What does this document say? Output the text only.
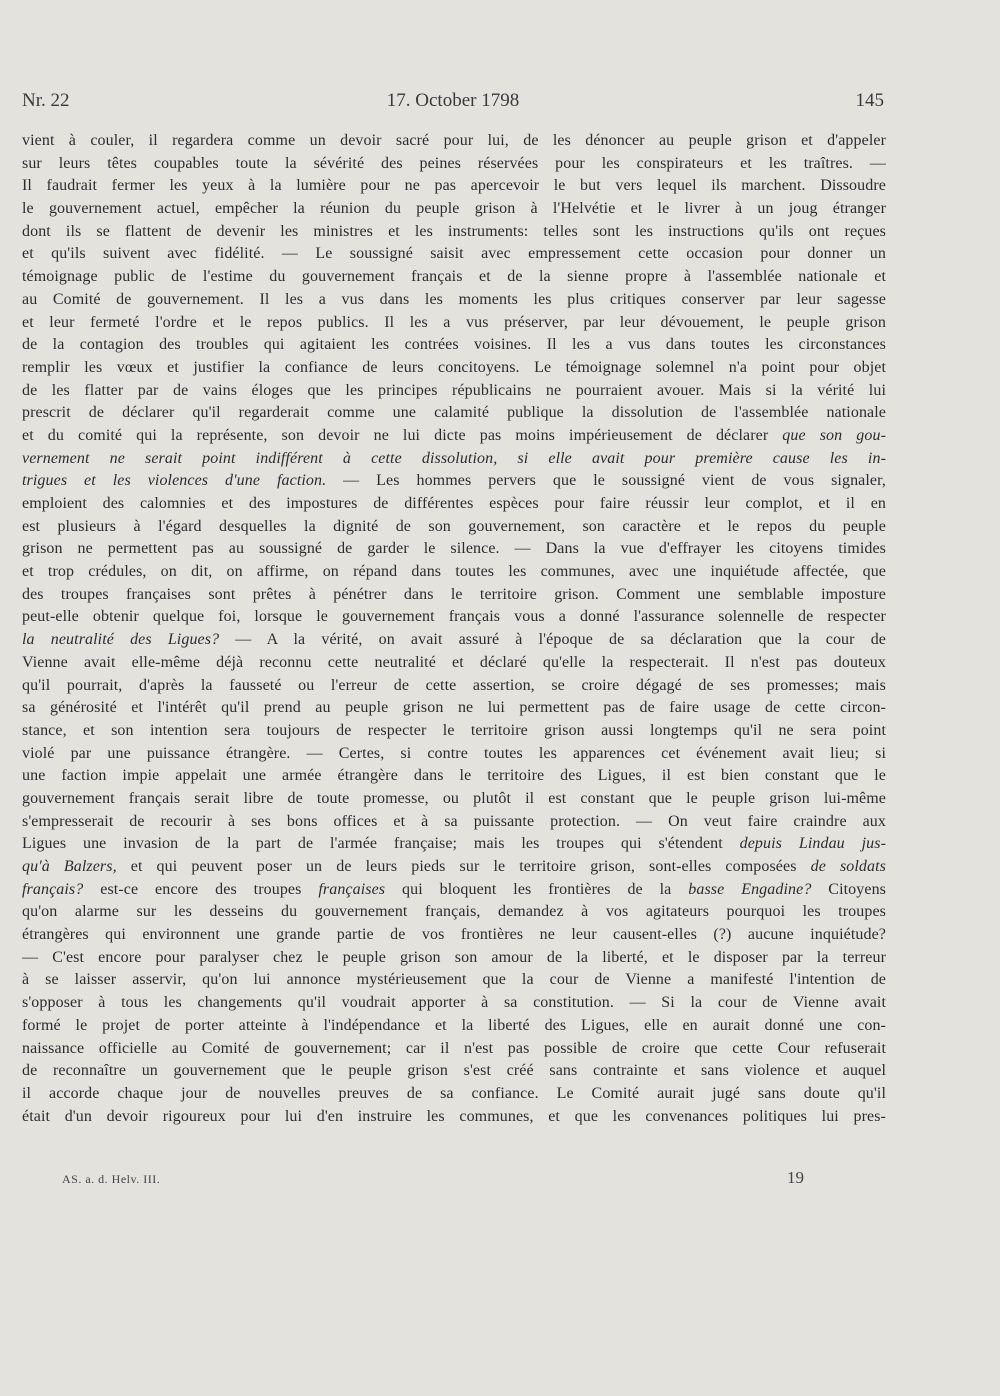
Nr. 22	17. October 1798	145
vient à couler, il regardera comme un devoir sacré pour lui, de les dénoncer au peuple grison et d'appeler
sur leurs têtes coupables toute la sévérité des peines réservées pour les conspirateurs et les traîtres. —
Il faudrait fermer les yeux à la lumière pour ne pas apercevoir le but vers lequel ils marchent. Dissoudre
le gouvernement actuel, empêcher la réunion du peuple grison à l'Helvétie et le livrer à un joug étranger
dont ils se flattent de devenir les ministres et les instruments: telles sont les instructions qu'ils ont reçues
et qu'ils suivent avec fidélité. — Le soussigné saisit avec empressement cette occasion pour donner un
témoignage public de l'estime du gouvernement français et de la sienne propre à l'assemblée nationale et
au Comité de gouvernement. Il les a vus dans les moments les plus critiques conserver par leur sagesse
et leur fermeté l'ordre et le repos publics. Il les a vus préserver, par leur dévouement, le peuple grison
de la contagion des troubles qui agitaient les contrées voisines. Il les a vus dans toutes les circonstances
remplir les vœux et justifier la confiance de leurs concitoyens. Le témoignage solemnel n'a point pour objet
de les flatter par de vains éloges que les principes républicains ne pourraient avouer. Mais si la vérité lui
prescrit de déclarer qu'il regarderait comme une calamité publique la dissolution de l'assemblée nationale
et du comité qui la représente, son devoir ne lui dicte pas moins impérieusement de déclarer que son gou-
vernement ne serait point indifférent à cette dissolution, si elle avait pour première cause les in-
trigues et les violences d'une faction. — Les hommes pervers que le soussigné vient de vous signaler,
emploient des calomnies et des impostures de différentes espèces pour faire réussir leur complot, et il en
est plusieurs à l'égard desquelles la dignité de son gouvernement, son caractère et le repos du peuple
grison ne permettent pas au soussigné de garder le silence. — Dans la vue d'effrayer les citoyens timides
et trop crédules, on dit, on affirme, on répand dans toutes les communes, avec une inquiétude affectée, que
des troupes françaises sont prêtes à pénétrer dans le territoire grison. Comment une semblable imposture
peut-elle obtenir quelque foi, lorsque le gouvernement français vous a donné l'assurance solennelle de respecter
la neutralité des Ligues? — A la vérité, on avait assuré à l'époque de sa déclaration que la cour de
Vienne avait elle-même déjà reconnu cette neutralité et déclaré qu'elle la respecterait. Il n'est pas douteux
qu'il pourrait, d'après la fausseté ou l'erreur de cette assertion, se croire dégagé de ses promesses; mais
sa générosité et l'intérêt qu'il prend au peuple grison ne lui permettent pas de faire usage de cette circon-
stance, et son intention sera toujours de respecter le territoire grison aussi longtemps qu'il ne sera point
violé par une puissance étrangère. — Certes, si contre toutes les apparences cet événement avait lieu; si
une faction impie appelait une armée étrangère dans le territoire des Ligues, il est bien constant que le
gouvernement français serait libre de toute promesse, ou plutôt il est constant que le peuple grison lui-même
s'empresserait de recourir à ses bons offices et à sa puissante protection. — On veut faire craindre aux
Ligues une invasion de la part de l'armée française; mais les troupes qui s'étendent depuis Lindau jus-
qu'à Balzers, et qui peuvent poser un de leurs pieds sur le territoire grison, sont-elles composées de soldats
français? est-ce encore des troupes françaises qui bloquent les frontières de la basse Engadine? Citoyens
qu'on alarme sur les desseins du gouvernement français, demandez à vos agitateurs pourquoi les troupes
étrangères qui environnent une grande partie de vos frontières ne leur causent-elles (?) aucune inquiétude?
— C'est encore pour paralyser chez le peuple grison son amour de la liberté, et le disposer par la terreur
à se laisser asservir, qu'on lui annonce mystérieusement que la cour de Vienne a manifesté l'intention de
s'opposer à tous les changements qu'il voudrait apporter à sa constitution. — Si la cour de Vienne avait
formé le projet de porter atteinte à l'indépendance et la liberté des Ligues, elle en aurait donné une con-
naissance officielle au Comité de gouvernement; car il n'est pas possible de croire que cette Cour refuserait
de reconnaître un gouvernement que le peuple grison s'est créé sans contrainte et sans violence et auquel
il accorde chaque jour de nouvelles preuves de sa confiance. Le Comité aurait jugé sans doute qu'il
était d'un devoir rigoureux pour lui d'en instruire les communes, et que les convenances politiques lui pres-
AS. a. d. Helv. III.	19
